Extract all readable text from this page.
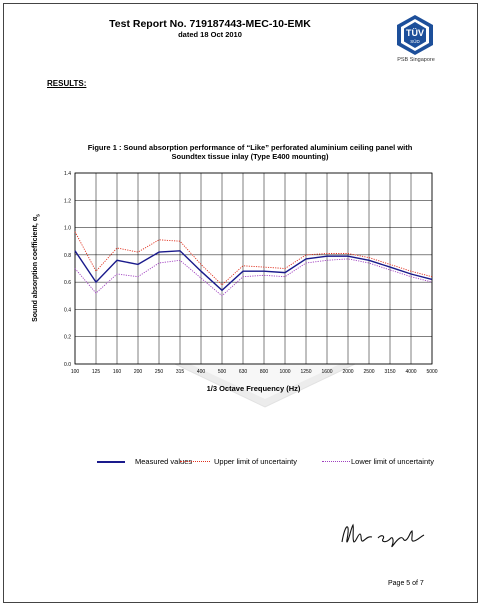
Test Report No. 719187443-MEC-10-EMK
dated 18 Oct 2010	TÜV
SÜD
PSB Singapore
RESULTS:
Figure 1 : Sound absorption performance of “Like” perforated aluminium ceiling panel with Soundtex tissue inlay (Type E400 mounting)
Sound absorption coefficient, $\alpha_s$
0.0
0.2
0.4
0.6
0.8
1.0
1.2
1.4
100	125	160	200	250	315	400	500	630	800 1000 1250 1600 2000 2500 3150 4000 5000
1/3 Octave Frequency (Hz)
Measured values	Upper limit of uncertainty	Lower limit of uncertainty
Page 5 of 7
